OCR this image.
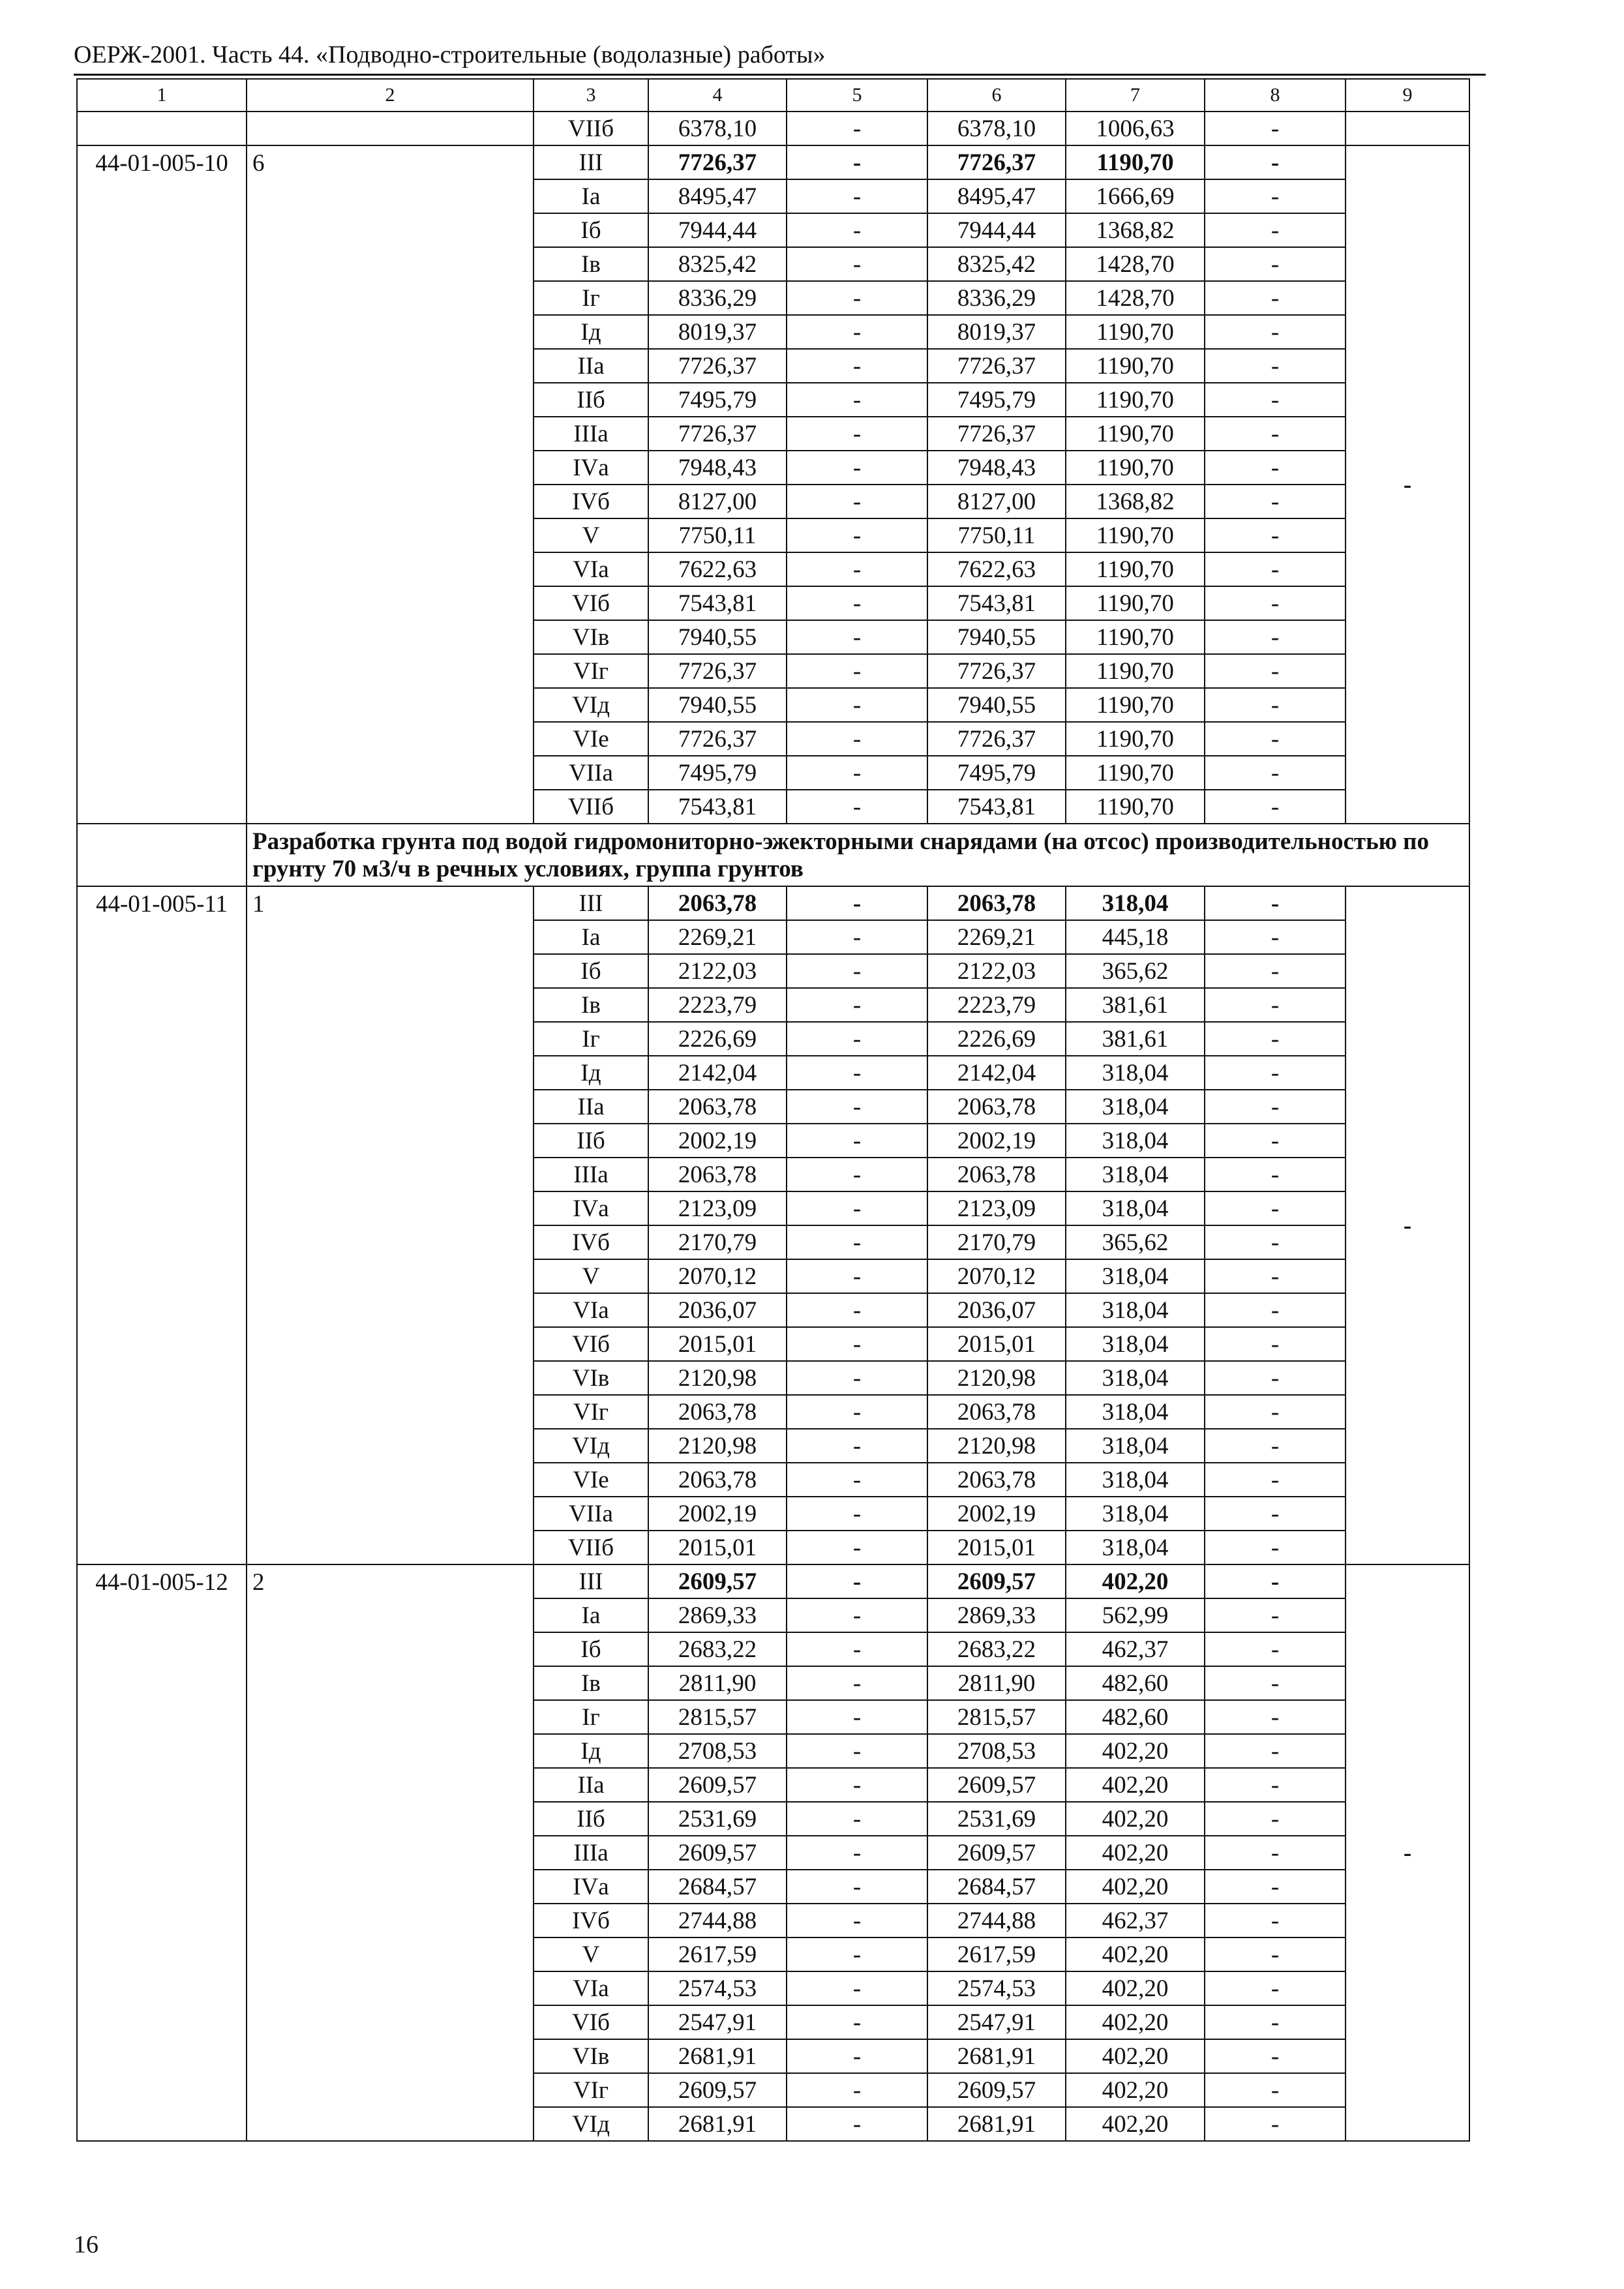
ОЕРЖ-2001. Часть 44. «Подводно-строительные (водолазные) работы»
1	2	3	4	5	6	7	8	9
		VIIб	6378,10	-	6378,10	1006,63	-	
44-01-005-10	6	III	7726,37	-	7726,37	1190,70	-	-
		Iа	8495,47	-	8495,47	1666,69	-	
		Iб	7944,44	-	7944,44	1368,82	-	
		Iв	8325,42	-	8325,42	1428,70	-	
		Iг	8336,29	-	8336,29	1428,70	-	
		Iд	8019,37	-	8019,37	1190,70	-	
		IIа	7726,37	-	7726,37	1190,70	-	
		IIб	7495,79	-	7495,79	1190,70	-	
		IIIа	7726,37	-	7726,37	1190,70	-	
		IVа	7948,43	-	7948,43	1190,70	-	
		IVб	8127,00	-	8127,00	1368,82	-	
		V	7750,11	-	7750,11	1190,70	-	
		VIа	7622,63	-	7622,63	1190,70	-	
		VIб	7543,81	-	7543,81	1190,70	-	
		VIв	7940,55	-	7940,55	1190,70	-	
		VIг	7726,37	-	7726,37	1190,70	-	
		VIд	7940,55	-	7940,55	1190,70	-	
		VIе	7726,37	-	7726,37	1190,70	-	
		VIIа	7495,79	-	7495,79	1190,70	-	
		VIIб	7543,81	-	7543,81	1190,70	-	
	Разработка грунта под водой гидромониторно-эжекторными снарядами (на отсос) производительностью по грунту 70 м3/ч в речных условиях, группа грунтов							
44-01-005-11	1	III	2063,78	-	2063,78	318,04	-	-
		Iа	2269,21	-	2269,21	445,18	-	
		Iб	2122,03	-	2122,03	365,62	-	
		Iв	2223,79	-	2223,79	381,61	-	
		Iг	2226,69	-	2226,69	381,61	-	
		Iд	2142,04	-	2142,04	318,04	-	
		IIа	2063,78	-	2063,78	318,04	-	
		IIб	2002,19	-	2002,19	318,04	-	
		IIIа	2063,78	-	2063,78	318,04	-	
		IVа	2123,09	-	2123,09	318,04	-	
		IVб	2170,79	-	2170,79	365,62	-	
		V	2070,12	-	2070,12	318,04	-	
		VIа	2036,07	-	2036,07	318,04	-	
		VIб	2015,01	-	2015,01	318,04	-	
		VIв	2120,98	-	2120,98	318,04	-	
		VIг	2063,78	-	2063,78	318,04	-	
		VIд	2120,98	-	2120,98	318,04	-	
		VIе	2063,78	-	2063,78	318,04	-	
		VIIа	2002,19	-	2002,19	318,04	-	
		VIIб	2015,01	-	2015,01	318,04	-	
44-01-005-12	2	III	2609,57	-	2609,57	402,20	-	-
		Iа	2869,33	-	2869,33	562,99	-	
		Iб	2683,22	-	2683,22	462,37	-	
		Iв	2811,90	-	2811,90	482,60	-	
		Iг	2815,57	-	2815,57	482,60	-	
		Iд	2708,53	-	2708,53	402,20	-	
		IIа	2609,57	-	2609,57	402,20	-	
		IIб	2531,69	-	2531,69	402,20	-	
		IIIа	2609,57	-	2609,57	402,20	-	
		IVа	2684,57	-	2684,57	402,20	-	
		IVб	2744,88	-	2744,88	462,37	-	
		V	2617,59	-	2617,59	402,20	-	
		VIа	2574,53	-	2574,53	402,20	-	
		VIб	2547,91	-	2547,91	402,20	-	
		VIв	2681,91	-	2681,91	402,20	-	
		VIг	2609,57	-	2609,57	402,20	-	
		VIд	2681,91	-	2681,91	402,20	-	
16
